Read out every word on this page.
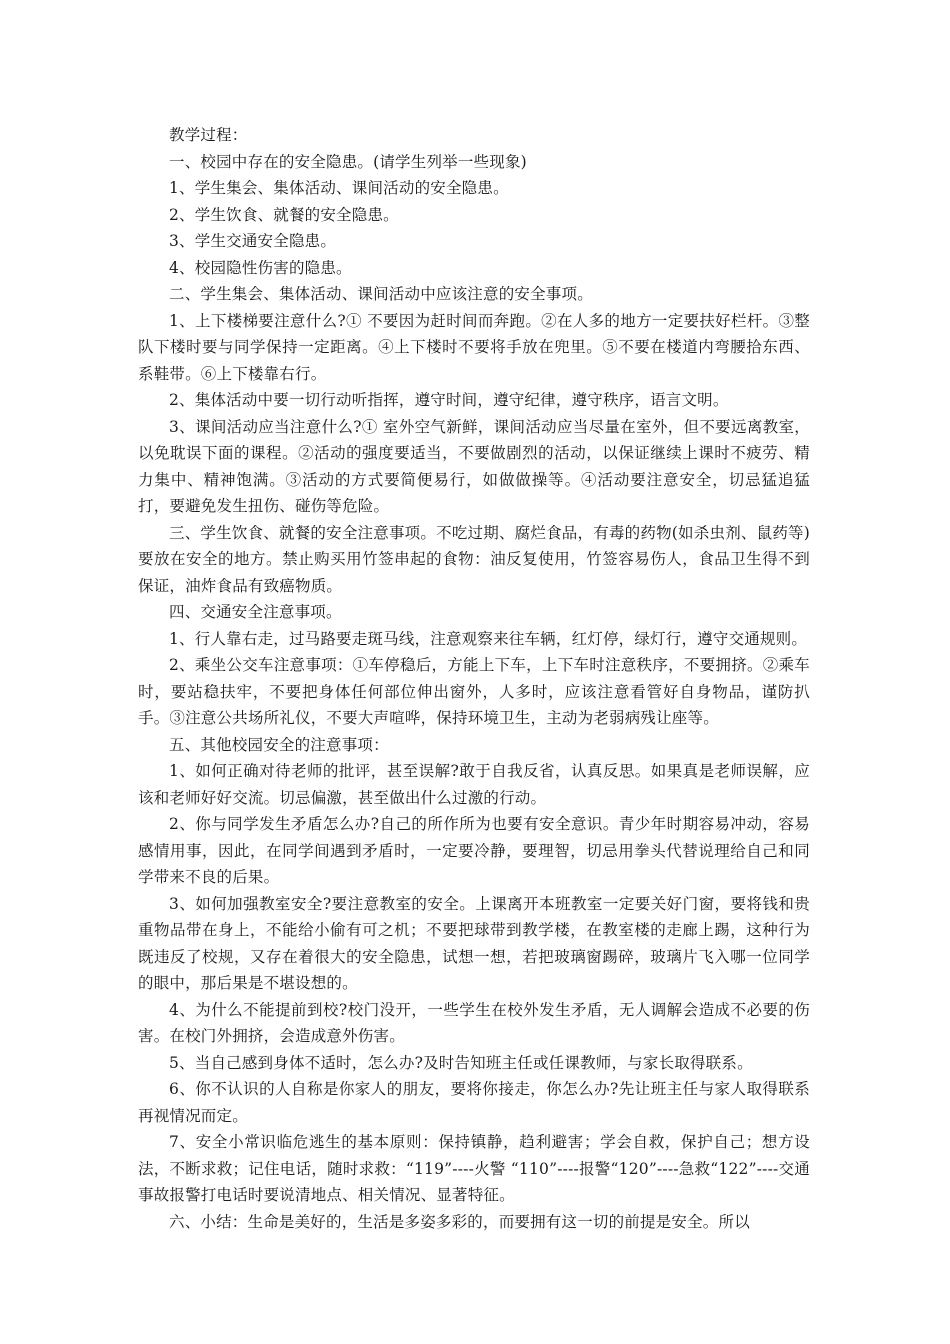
教学过程：

一、校园中存在的安全隐患。(请学生列举一些现象)

1、学生集会、集体活动、课间活动的安全隐患。

2、学生饮食、就餐的安全隐患。

3、学生交通安全隐患。

4、校园隐性伤害的隐患。

二、学生集会、集体活动、课间活动中应该注意的安全事项。

1、上下楼梯要注意什么?① 不要因为赶时间而奔跑。②在人多的地方一定要扶好栏杆。③整队下楼时要与同学保持一定距离。④上下楼时不要将手放在兜里。⑤不要在楼道内弯腰拾东西、系鞋带。⑥上下楼靠右行。

2、集体活动中要一切行动听指挥，遵守时间，遵守纪律，遵守秩序，语言文明。

3、课间活动应当注意什么?① 室外空气新鲜，课间活动应当尽量在室外，但不要远离教室，以免耽误下面的课程。②活动的强度要适当，不要做剧烈的活动，以保证继续上课时不疲劳、精力集中、精神饱满。③活动的方式要简便易行，如做做操等。④活动要注意安全，切忌猛追猛打，要避免发生扭伤、碰伤等危险。

三、学生饮食、就餐的安全注意事项。不吃过期、腐烂食品，有毒的药物(如杀虫剂、鼠药等)要放在安全的地方。禁止购买用竹签串起的食物：油反复使用，竹签容易伤人，食品卫生得不到保证，油炸食品有致癌物质。

四、交通安全注意事项。

1、行人靠右走，过马路要走斑马线，注意观察来往车辆，红灯停，绿灯行，遵守交通规则。

2、乘坐公交车注意事项：①车停稳后，方能上下车，上下车时注意秩序，不要拥挤。②乘车时，要站稳扶牢，不要把身体任何部位伸出窗外，人多时，应该注意看管好自身物品，谨防扒手。③注意公共场所礼仪，不要大声喧哗，保持环境卫生，主动为老弱病残让座等。

五、其他校园安全的注意事项：

1、如何正确对待老师的批评，甚至误解?敢于自我反省，认真反思。如果真是老师误解，应该和老师好好交流。切忌偏激，甚至做出什么过激的行动。

2、你与同学发生矛盾怎么办?自己的所作所为也要有安全意识。青少年时期容易冲动，容易感情用事，因此，在同学间遇到矛盾时，一定要冷静，要理智，切忌用拳头代替说理给自己和同学带来不良的后果。

3、如何加强教室安全?要注意教室的安全。上课离开本班教室一定要关好门窗，要将钱和贵重物品带在身上，不能给小偷有可之机；不要把球带到教学楼，在教室楼的走廊上踢，这种行为既违反了校规，又存在着很大的安全隐患，试想一想，若把玻璃窗踢碎，玻璃片飞入哪一位同学的眼中，那后果是不堪设想的。

4、为什么不能提前到校?校门没开，一些学生在校外发生矛盾，无人调解会造成不必要的伤害。在校门外拥挤，会造成意外伤害。

5、当自己感到身体不适时，怎么办?及时告知班主任或任课教师，与家长取得联系。

6、你不认识的人自称是你家人的朋友，要将你接走，你怎么办?先让班主任与家人取得联系再视情况而定。

7、安全小常识临危逃生的基本原则：保持镇静，趋利避害；学会自救，保护自己；想方设法，不断求救；记住电话，随时求救：“119”----火警 “110”----报警“120”----急救“122”----交通事故报警打电话时要说清地点、相关情况、显著特征。

六、小结：生命是美好的，生活是多姿多彩的，而要拥有这一切的前提是安全。所以
